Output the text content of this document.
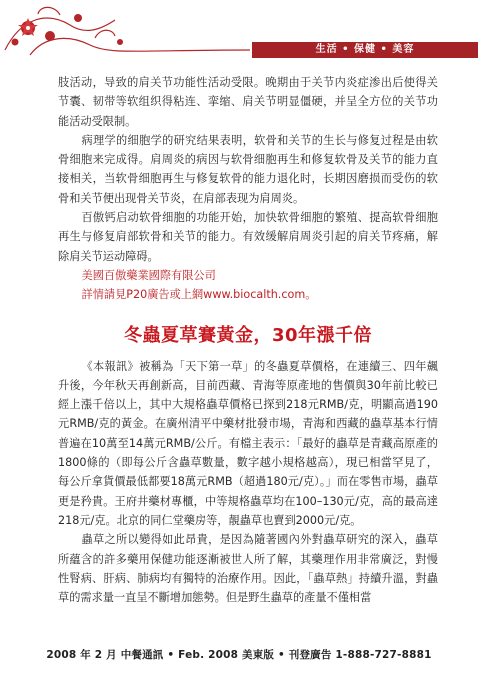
生活 • 保健 • 美容

肢活动，导致的肩关节功能性活动受限。晚期由于关节内炎症渗出后使得关节囊、韧带等软组织得粘连、挛缩、肩关节明显僵硬，并呈全方位的关节功能活动受限制。

病理学的细胞学的研究结果表明，软骨和关节的生长与修复过程是由软骨细胞来完成得。肩周炎的病因与软骨细胞再生和修复软骨及关节的能力直接相关，当软骨细胞再生与修复软骨的能力退化时，长期因磨损而受伤的软骨和关节便出现骨关节炎，在肩部表现为肩周炎。

百傲钙启动软骨细胞的功能开始，加快软骨细胞的繁殖、提高软骨细胞再生与修复肩部软骨和关节的能力。有效缓解肩周炎引起的肩关节疼痛，解除肩关节运动障碍。

美國百傲藥業國際有限公司

詳情請見P20廣告或上網www.biocalth.com。

冬蟲夏草賽黃金，30年漲千倍

《本報訊》被稱為「天下第一草」的冬蟲夏草價格，在連續三、四年飆升後，今年秋天再創新高，目前西藏、青海等原產地的售價與30年前比較已經上漲千倍以上，其中大規格蟲草價格已探到218元RMB/克，明顯高過190元RMB/克的黃金。在廣州清平中藥材批發市場，青海和西藏的蟲草基本行情普遍在10萬至14萬元RMB/公斤。有檔主表示：「最好的蟲草是青藏高原產的1800條的（即每公斤含蟲草數量，數字越小規格越高），現已相當罕見了，每公斤拿貨價最低都要18萬元RMB（超過180元/克）。」而在零售市場，蟲草更是矜貴。王府井藥材專櫃，中等規格蟲草均在100–130元/克，高的最高達218元/克。北京的同仁堂藥房等，靚蟲草也賣到2000元/克。

蟲草之所以變得如此昂貴，是因為隨著國內外對蟲草研究的深入，蟲草所蘊含的許多藥用保健功能逐漸被世人所了解，其藥理作用非常廣泛，對慢性腎病、肝病、肺病均有獨特的治療作用。因此，「蟲草熱」持續升溫，對蟲草的需求量一直呈不斷增加態勢。但是野生蟲草的產量不僅相當

2008 年 2 月 中餐通訊 • Feb. 2008 美東版 • 刊登廣告 1-888-727-8881
